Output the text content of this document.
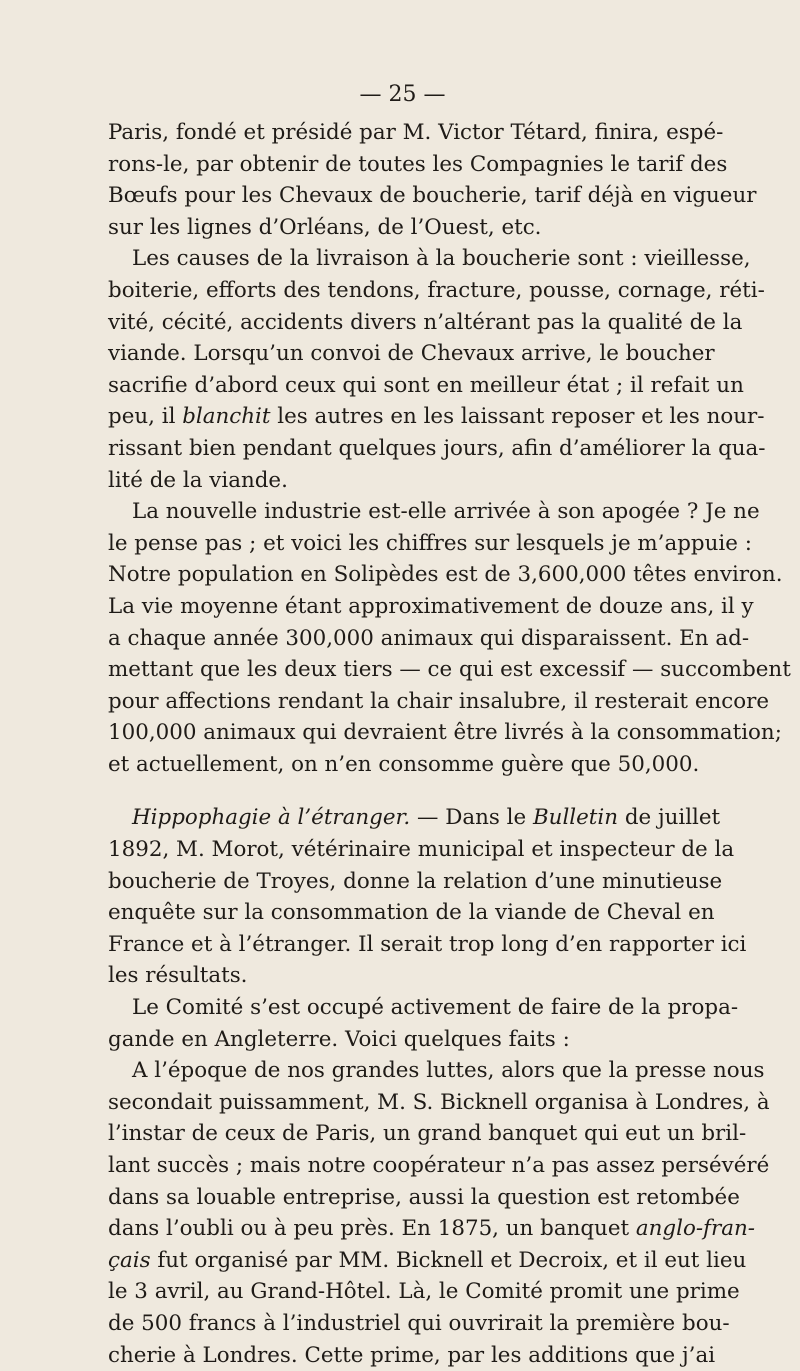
— 25 —
Paris, fondé et présidé par M. Victor Tétard, finira, espé-
rons-le, par obtenir de toutes les Compagnies le tarif des
Bœufs pour les Chevaux de boucherie, tarif déjà en vigueur
sur les lignes d’Orléans, de l’Ouest, etc.
Les causes de la livraison à la boucherie sont : vieillesse,
boiterie, efforts des tendons, fracture, pousse, cornage, réti-
vité, cécité, accidents divers n’altérant pas la qualité de la
viande. Lorsqu’un convoi de Chevaux arrive, le boucher
sacrifie d’abord ceux qui sont en meilleur état ; il refait un
peu, il blanchit les autres en les laissant reposer et les nour-
rissant bien pendant quelques jours, afin d’améliorer la qua-
lité de la viande.
La nouvelle industrie est-elle arrivée à son apogée ? Je ne
le pense pas ; et voici les chiffres sur lesquels je m’appuie :
Notre population en Solipèdes est de 3,600,000 têtes environ.
La vie moyenne étant approximativement de douze ans, il y
a chaque année 300,000 animaux qui disparaissent. En ad-
mettant que les deux tiers — ce qui est excessif — succombent
pour affections rendant la chair insalubre, il resterait encore
100,000 animaux qui devraient être livrés à la consommation;
et actuellement, on n’en consomme guère que 50,000.
Hippophagie à l’étranger. — Dans le Bulletin de juillet
1892, M. Morot, vétérinaire municipal et inspecteur de la
boucherie de Troyes, donne la relation d’une minutieuse
enquête sur la consommation de la viande de Cheval en
France et à l’étranger. Il serait trop long d’en rapporter ici
les résultats.
Le Comité s’est occupé activement de faire de la propa-
gande en Angleterre. Voici quelques faits :
A l’époque de nos grandes luttes, alors que la presse nous
secondait puissamment, M. S. Bicknell organisa à Londres, à
l’instar de ceux de Paris, un grand banquet qui eut un bril-
lant succès ; mais notre coopérateur n’a pas assez persévéré
dans sa louable entreprise, aussi la question est retombée
dans l’oubli ou à peu près. En 1875, un banquet anglo-fran-
çais fut organisé par MM. Bicknell et Decroix, et il eut lieu
le 3 avril, au Grand-Hôtel. Là, le Comité promit une prime
de 500 francs à l’industriel qui ouvrirait la première bou-
cherie à Londres. Cette prime, par les additions que j’ai
